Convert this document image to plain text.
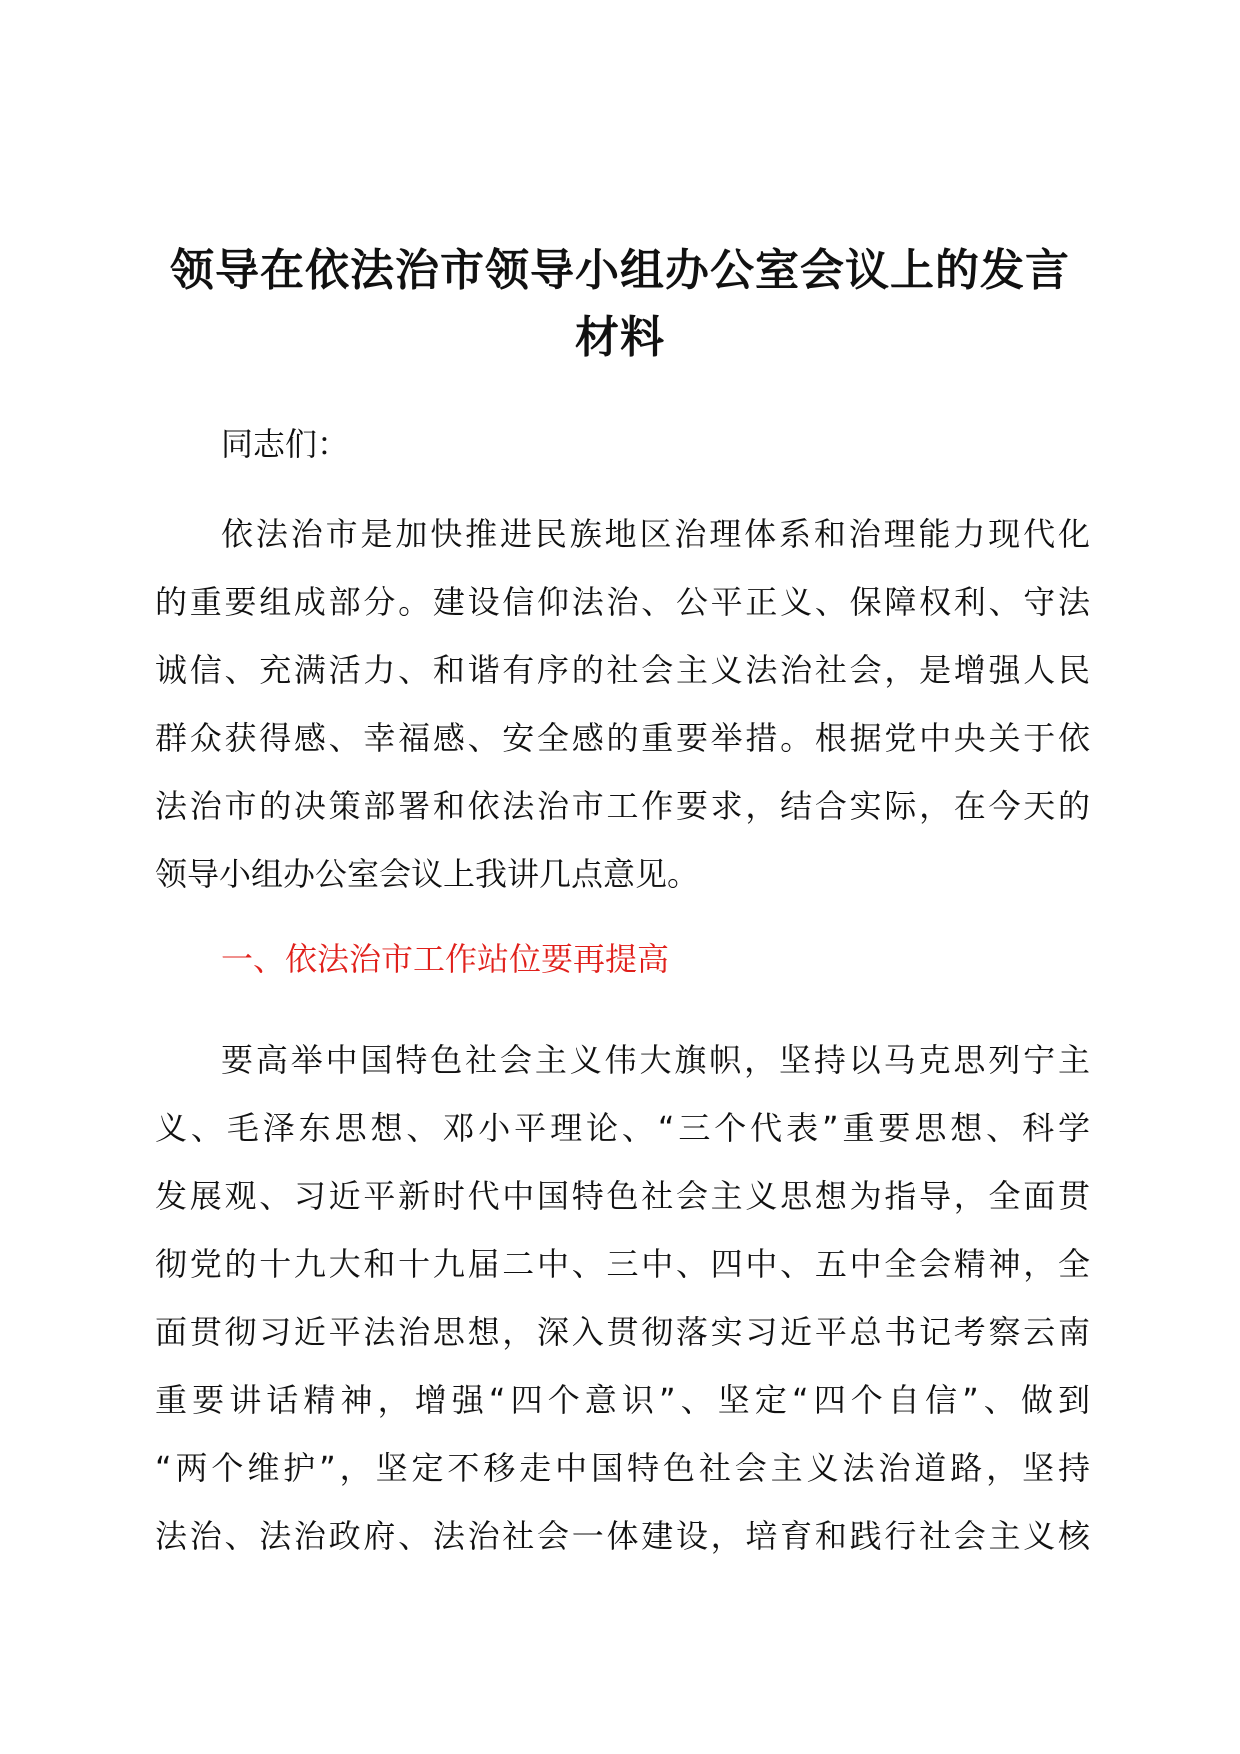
领导在依法治市领导小组办公室会议上的发言
材料

同志们：

依法治市是加快推进民族地区治理体系和治理能力现代化
的重要组成部分。建设信仰法治、公平正义、保障权利、守法
诚信、充满活力、和谐有序的社会主义法治社会，是增强人民
群众获得感、幸福感、安全感的重要举措。根据党中央关于依
法治市的决策部署和依法治市工作要求，结合实际，在今天的
领导小组办公室会议上我讲几点意见。

一、依法治市工作站位要再提高

要高举中国特色社会主义伟大旗帜，坚持以马克思列宁主
义、毛泽东思想、邓小平理论、“三个代表”重要思想、科学
发展观、习近平新时代中国特色社会主义思想为指导，全面贯
彻党的十九大和十九届二中、三中、四中、五中全会精神，全
面贯彻习近平法治思想，深入贯彻落实习近平总书记考察云南
重要讲话精神，增强“四个意识”、坚定“四个自信”、做到
“两个维护”，坚定不移走中国特色社会主义法治道路，坚持
法治、法治政府、法治社会一体建设，培育和践行社会主义核
